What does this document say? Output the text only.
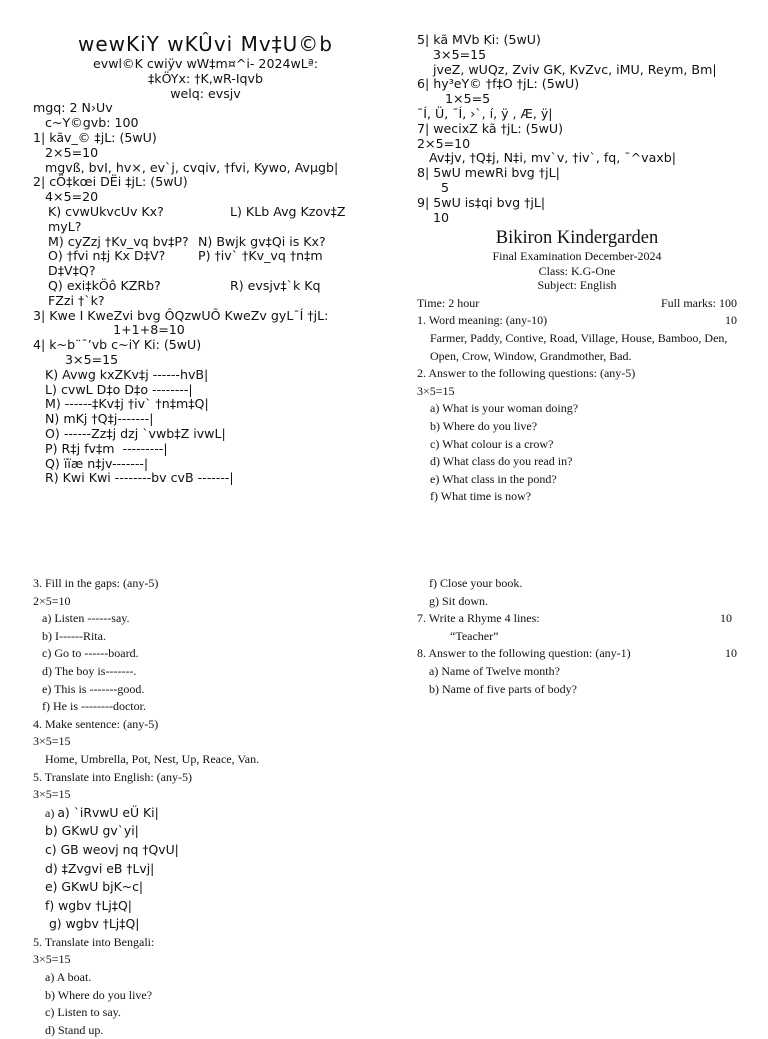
wewKiY wKÛvi Mv‡U©b
evwl©K cwiÿv wW‡m¤^i- 2024wLª:
‡kÖYx: †K,wR-Iqvb
welq: evsjv
mgq: 2 N›Uv
c~Y©gvb: 100
1| kãv_© ‡jL: (5wU)
2×5=10
mgvß, bvI, hv×, ev`j, cvqiv, †fvi, Kywo, Avµgb|
2| cÖ‡kœi DËi ‡jL: (5wU)
4×5=20
K) cvwUkvcUv Kx?	L) KLb Avg Kzov‡Z
myL?
M) cyZzj †Kv_vq bv‡P? N) Bwjk gv‡Qi is Kx?
O) †fvi n‡j Kx D‡V?	P) †iv` †Kv_vq †n‡m
D‡V‡Q?
Q) exi‡kÖô KZRb?	R) evsjv‡`k Kq
FZzi †`k?
3| Kwe I KweZvi bvg ÔQzwUÕ KweZv gyL¯Í †jL:
1+1+8=10
4| k~b¨¯’vb c~iY Ki: (5wU)
3×5=15
K) Avwg kxZKv‡j ------hvB|
L) cvwL D‡o D‡o --------|
M) ------‡Kv‡j †iv` †n‡m‡Q|
N) mKj †Q‡j-------|
O) ------Zz‡j dzj `vwb‡Z ivwL|
P) R‡j fv‡m  ---------|
Q) ïïæ n‡jv-------|
R) Kwi Kwi --------bv cvB -------|
5| kã MVb Ki: (5wU)
3×5=15
jveZ, wUQz, Zviv GK, KvZvc, iMU, Reym, Bm|
6| hy³eY© †f‡O †jL: (5wU)
1×5=5
¯Í, Ü, ¯Í, ›`, í, ÿ , Æ, ÿ|
7| wecixZ kã †jL: (5wU)
2×5=10
Av‡jv, †Q‡j, N‡i, mv`v, †iv`, fq, ¯^vaxb|
8| 5wU mewRi bvg †jL|
5
9| 5wU is‡qi bvg †jL|
10
Bikiron Kindergarden
Final Examination December-2024
Class: K.G-One
Subject: English
Time: 2 hour	Full marks: 100
1. Word meaning: (any-10)	10
Farmer, Paddy, Contive, Road, Village, House, Bamboo, Den, Open, Crow, Window, Grandmother, Bad.
2. Answer to the following questions: (any-5)
3×5=15
a) What is your woman doing?
b) Where do you live?
c) What colour is a crow?
d) What class do you read in?
e) What class in the pond?
f) What time is now?
3. Fill in the gaps: (any-5)
2×5=10
a) Listen ------say.
b) I------Rita.
c) Go to ------board.
d) The boy is-------.
e) This is -------good.
f) He is --------doctor.
4. Make sentence: (any-5)
3×5=15
Home, Umbrella, Pot, Nest, Up, Reace, Van.
5. Translate into English: (any-5)
3×5=15
a) a) `iRvwU eÜ Ki|
b) GKwU gv`yi|
c) GB weovj nq †QvU|
d) ‡Zvgvi eB †Lvj|
e) GKwU bjK~c|
f) wgbv †Lj‡Q|
g) wgbv †Lj‡Q|
5. Translate into Bengali:
3×5=15
a) A boat.
b) Where do you live?
c) Listen to say.
d) Stand up.
f) Close your book.
g) Sit down.
7. Write a Rhyme 4 lines:	10
“Teacher”
8. Answer to the following question: (any-1)	10
a) Name of Twelve month?
b) Name of five parts of body?
